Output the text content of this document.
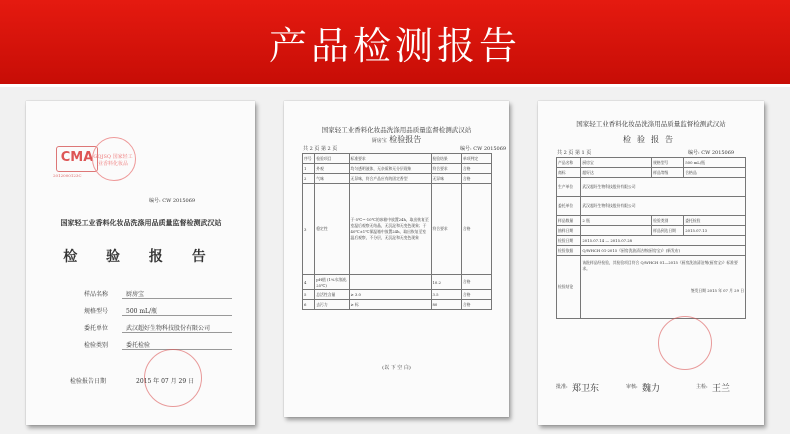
产品检测报告
CMA
2012000123C
GQJSQ 国家轻工业香料化妆品
编号: CW 2015069
国家轻工业香料化妆品洗涤用品质量监督检测武汉站
检 验 报 告
样品名称	厨房宝
规格型号	500 mL/瓶
委托单位	武汉超好生物科技股份有限公司
检验类别	委托检验
检验报告日期	2015 年 07 月 29 日
国家轻工业香料化妆品洗涤用品质量监督检测武汉站
厨房宝 检验报告
共 2 页 第 2 页	编号: CW 2015069
序号	检验项目	标准要求	检验结果	单项判定
1	外观	均匀透明液体，无杂质和无分层现象	符合要求	合格
2	气味	无异味，符合产品应有的固定香型	无异味	合格
3	稳定性	于-5℃~-10℃的冰箱中放置24h，取出恢复至室温后观察无结晶，无沉淀和无变色现象；于40℃±1℃保温箱中放置24h，取出恢复至室温后观察，不分层，无沉淀和无变色现象	符合要求	合格
4	pH值 (1%水溶液, 25℃)		10.2	合格
5	总活性含量	≥ 3.0	3.5	合格
6	去污力	≥ 标	80	合格
(以 下 空 白)
国家轻工业香料化妆品洗涤用品质量监督检测武汉站
检验报告
共 2 页 第 1 页	编号: CW 2015069
产品名称	厨房宝	规格型号	500 mL/瓶
商标	超好达	样品等级	合格品
生产单位	武汉超好生物科技股份有限公司		
委托单位	武汉超好生物科技股份有限公司		
样品数量	2 瓶	检验类别	委托检验
抽样日期		样品到达日期	2015.07.13
检验日期	2015.07.14 — 2015.07.28		
检验依据	Q/WHCH 01-2015《厨房洗油清洁剂(厨房宝)》(新发布)		
检验结论	该批样品经检验，其检验项目符合 Q/WHCH 01—2015《厨房洗油清洁剂(厨房宝)》标准要求。
签发日期 2015 年 07 月 29 日		
批准: 郑卫东	审核: 魏力	主检: 王兰
